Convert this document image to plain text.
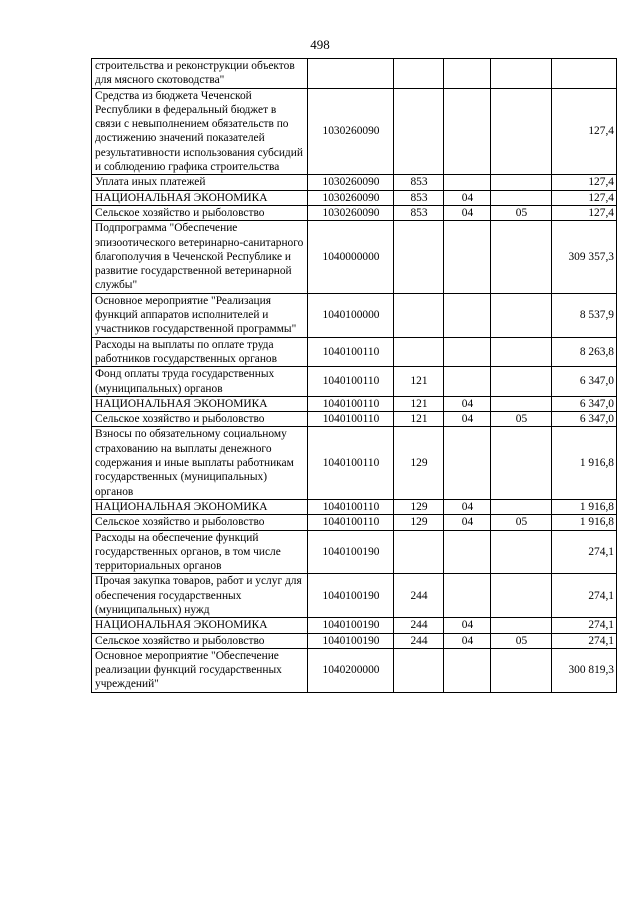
498
строительства и реконструкции объектов для мясного скотоводства"					
Средства из бюджета Чеченской Республики в федеральный бюджет в связи с невыполнением обязательств по достижению значений показателей результативности использования субсидий и соблюдению графика строительства	1030260090				127,4
Уплата иных платежей	1030260090	853			127,4
НАЦИОНАЛЬНАЯ ЭКОНОМИКА	1030260090	853	04		127,4
Сельское хозяйство и рыболовство	1030260090	853	04	05	127,4
Подпрограмма "Обеспечение эпизоотического ветеринарно-санитарного благополучия в Чеченской Республике и развитие государственной ветеринарной службы"	1040000000				309 357,3
Основное мероприятие "Реализация функций аппаратов исполнителей и участников государственной программы"	1040100000				8 537,9
Расходы на выплаты по оплате труда работников государственных органов	1040100110				8 263,8
Фонд оплаты труда государственных (муниципальных) органов	1040100110	121			6 347,0
НАЦИОНАЛЬНАЯ ЭКОНОМИКА	1040100110	121	04		6 347,0
Сельское хозяйство и рыболовство	1040100110	121	04	05	6 347,0
Взносы по обязательному социальному страхованию на выплаты денежного содержания и иные выплаты работникам государственных (муниципальных) органов	1040100110	129			1 916,8
НАЦИОНАЛЬНАЯ ЭКОНОМИКА	1040100110	129	04		1 916,8
Сельское хозяйство и рыболовство	1040100110	129	04	05	1 916,8
Расходы на обеспечение функций государственных органов, в том числе территориальных органов	1040100190				274,1
Прочая закупка товаров, работ и услуг для обеспечения государственных (муниципальных) нужд	1040100190	244			274,1
НАЦИОНАЛЬНАЯ ЭКОНОМИКА	1040100190	244	04		274,1
Сельское хозяйство и рыболовство	1040100190	244	04	05	274,1
Основное мероприятие "Обеспечение реализации функций государственных учреждений"	1040200000				300 819,3
